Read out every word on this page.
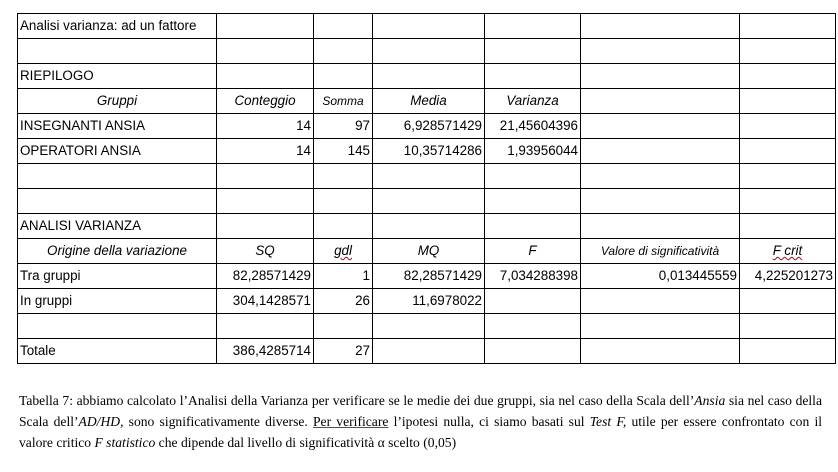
Analisi varianza: ad un fattore						

RIEPILOGO						
Gruppi	Conteggio	Somma	Media	Varianza		
INSEGNANTI ANSIA	14	97	6,928571429	21,45604396		
OPERATORI ANSIA	14	145	10,35714286	1,93956044		

ANALISI VARIANZA						
Origine della variazione	SQ	gdl	MQ	F	Valore di significatività	F crit
Tra gruppi	82,28571429	1	82,28571429	7,034288398	0,013445559	4,225201273
In gruppi	304,1428571	26	11,6978022			

Totale	386,4285714	27				

Tabella 7: abbiamo calcolato l’Analisi della Varianza per verificare se le medie dei due gruppi, sia nel caso della Scala dell’Ansia sia nel caso della Scala dell’AD/HD, sono significativamente diverse. Per verificare l’ipotesi nulla, ci siamo basati sul Test F, utile per essere confrontato con il valore critico F statistico che dipende dal livello di significatività α scelto (0,05)
